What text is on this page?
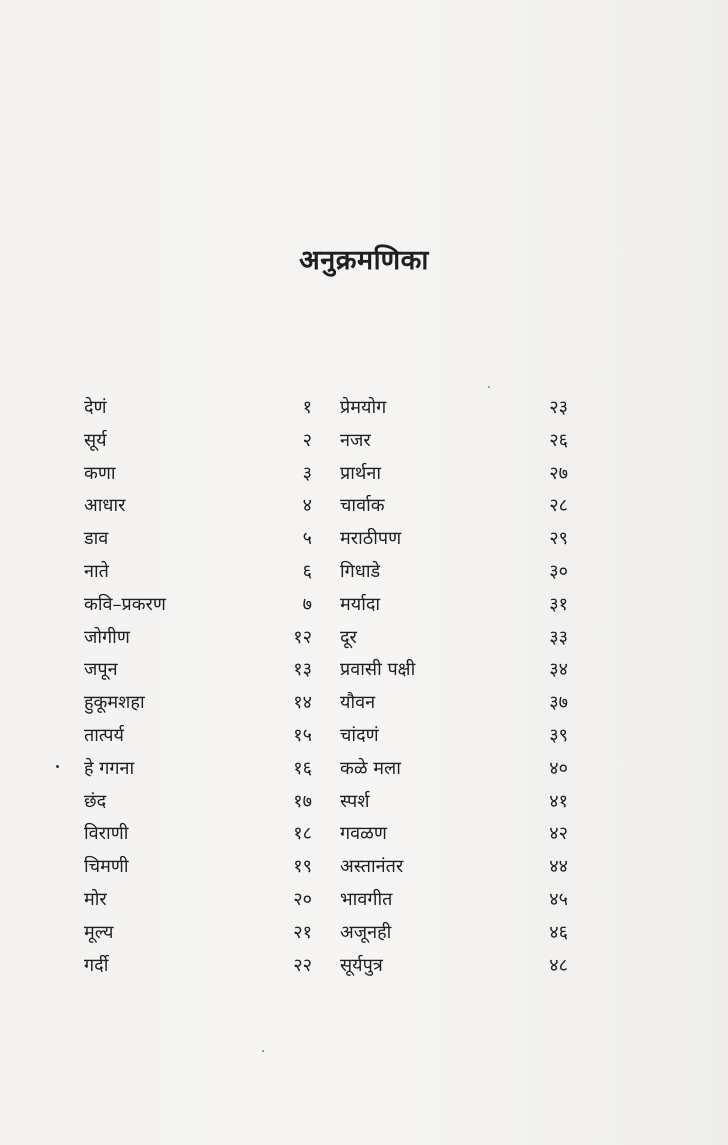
अनुक्रमणिका
देणं	१ प्रेमयोग	२३
सूर्य	२ नजर	२६
कणा	३ प्रार्थना	२७
आधार	४ चार्वाक	२८
डाव	५ मराठीपण	२९
नाते	६ गिधाडे	३०
कवि–प्रकरण	७ मर्यादा	३१
जोगीण	१२ दूर	३३
जपून	१३ प्रवासी पक्षी	३४
हुकूमशहा	१४ यौवन	३७
तात्पर्य	१५ चांदणं	३९
हे गगना	१६ कळे मला	४०
छंद	१७ स्पर्श	४१
विराणी	१८ गवळण	४२
चिमणी	१९ अस्तानंतर	४४
मोर	२० भावगीत	४५
मूल्य	२१ अजूनही	४६
गर्दी	२२ सूर्यपुत्र	४८
